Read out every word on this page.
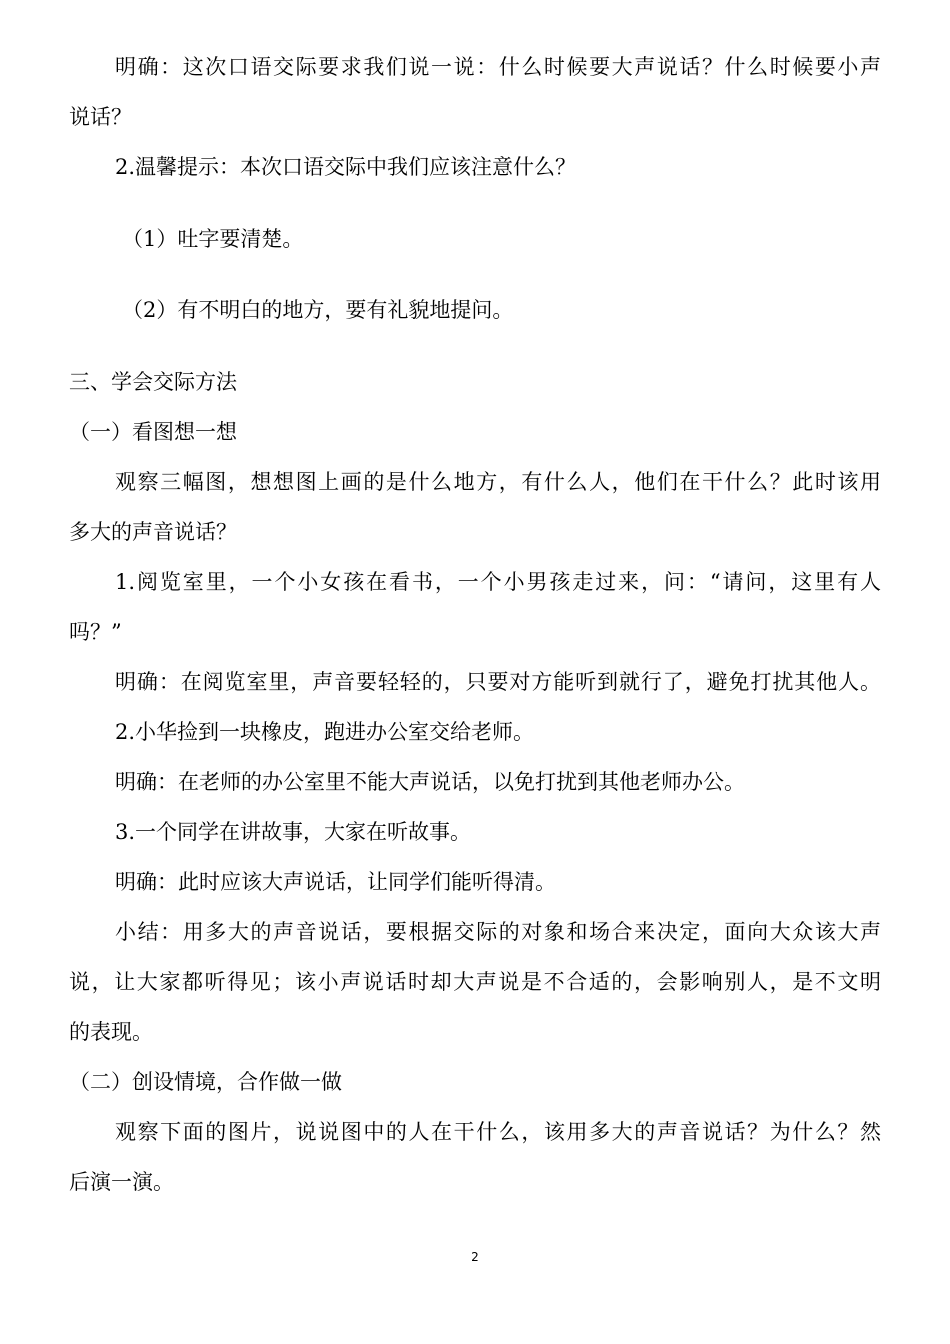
明确：这次口语交际要求我们说一说：什么时候要大声说话？什么时候要小声
说话？
2.温馨提示：本次口语交际中我们应该注意什么？
（1）吐字要清楚。
（2）有不明白的地方，要有礼貌地提问。
三、学会交际方法
（一）看图想一想
观察三幅图，想想图上画的是什么地方，有什么人，他们在干什么？此时该用
多大的声音说话？
1.阅览室里，一个小女孩在看书，一个小男孩走过来，问：“请问，这里有人
吗？”
明确：在阅览室里，声音要轻轻的，只要对方能听到就行了，避免打扰其他人。
2.小华捡到一块橡皮，跑进办公室交给老师。
明确：在老师的办公室里不能大声说话，以免打扰到其他老师办公。
3.一个同学在讲故事，大家在听故事。
明确：此时应该大声说话，让同学们能听得清。
小结：用多大的声音说话，要根据交际的对象和场合来决定，面向大众该大声
说，让大家都听得见；该小声说话时却大声说是不合适的，会影响别人，是不文明
的表现。
（二）创设情境，合作做一做
观察下面的图片，说说图中的人在干什么，该用多大的声音说话？为什么？然
后演一演。
2
